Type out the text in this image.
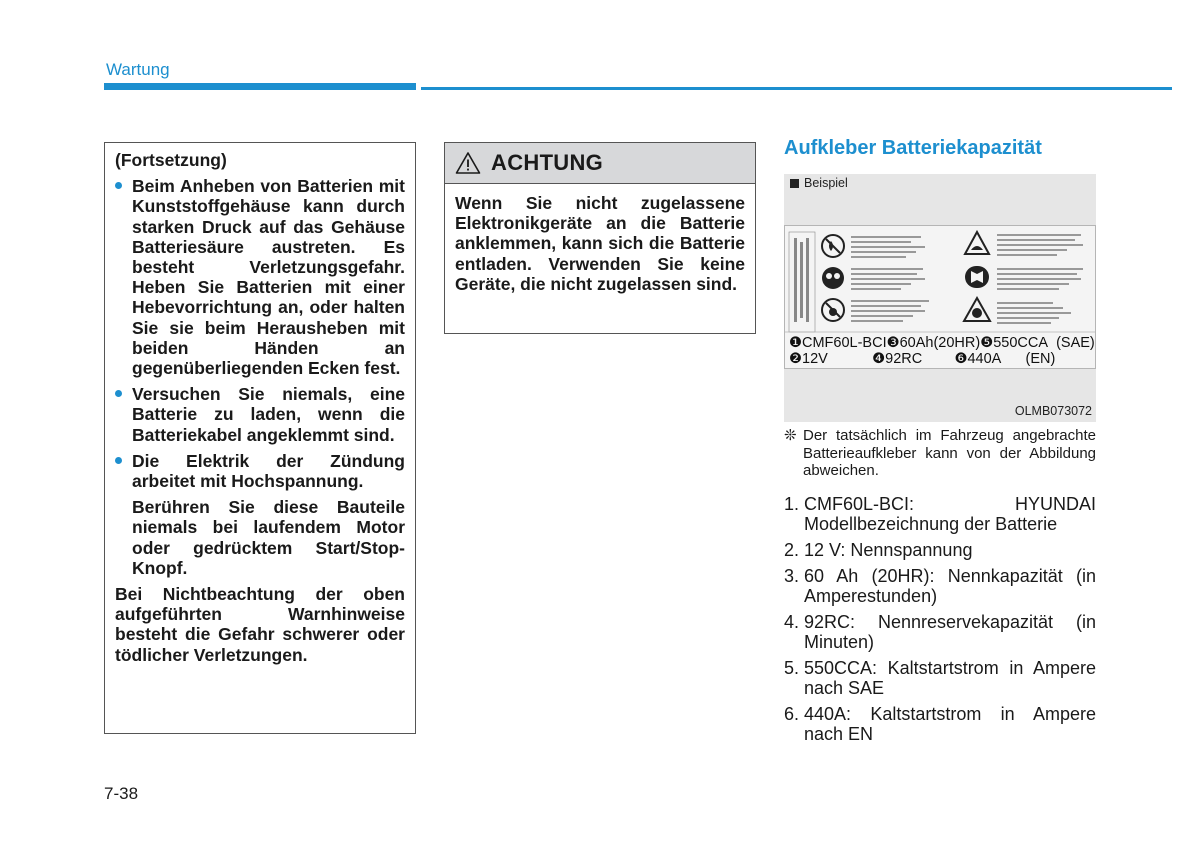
Wartung

(Fortsetzung)

Beim Anheben von Batterien mit Kunststoffgehäuse kann durch starken Druck auf das Gehäuse Batteriesäure austreten. Es besteht Verletzungsgefahr. Heben Sie Batterien mit einer Hebevorrichtung an, oder halten Sie sie beim Herausheben mit beiden Händen an gegenüberliegenden Ecken fest.
Versuchen Sie niemals, eine Batterie zu laden, wenn die Batteriekabel angeklemmt sind.
Die Elektrik der Zündung arbeitet mit Hochspannung.

Berühren Sie diese Bauteile niemals bei laufendem Motor oder gedrücktem Start/Stop-Knopf.

Bei Nichtbeachtung der oben aufgeführten Warnhinweise besteht die Gefahr schwerer oder tödlicher Verletzungen.

ACHTUNG

Wenn Sie nicht zugelassene Elektronikgeräte an die Batterie anklemmen, kann sich die Batterie entladen. Verwenden Sie keine Geräte, die nicht zugelassen sind.

Aufkleber Batteriekapazität
Beispiel
❶CMF60L-BCI❸60Ah(20HR)❺550CCA (SAE)
❷12V	❹92RC ❻440A (EN)
OLMB073072
❊ Der tatsächlich im Fahrzeug angebrachte Batterieaufkleber kann von der Abbildung abweichen.
1. CMF60L-BCI: HYUNDAI Modellbezeichnung der Batterie
2. 12 V: Nennspannung
3. 60 Ah (20HR): Nennkapazität (in Amperestunden)
4. 92RC: Nennreservekapazität (in Minuten)
5. 550CCA: Kaltstartstrom in Ampere nach SAE
6. 440A: Kaltstartstrom in Ampere nach EN
7-38
